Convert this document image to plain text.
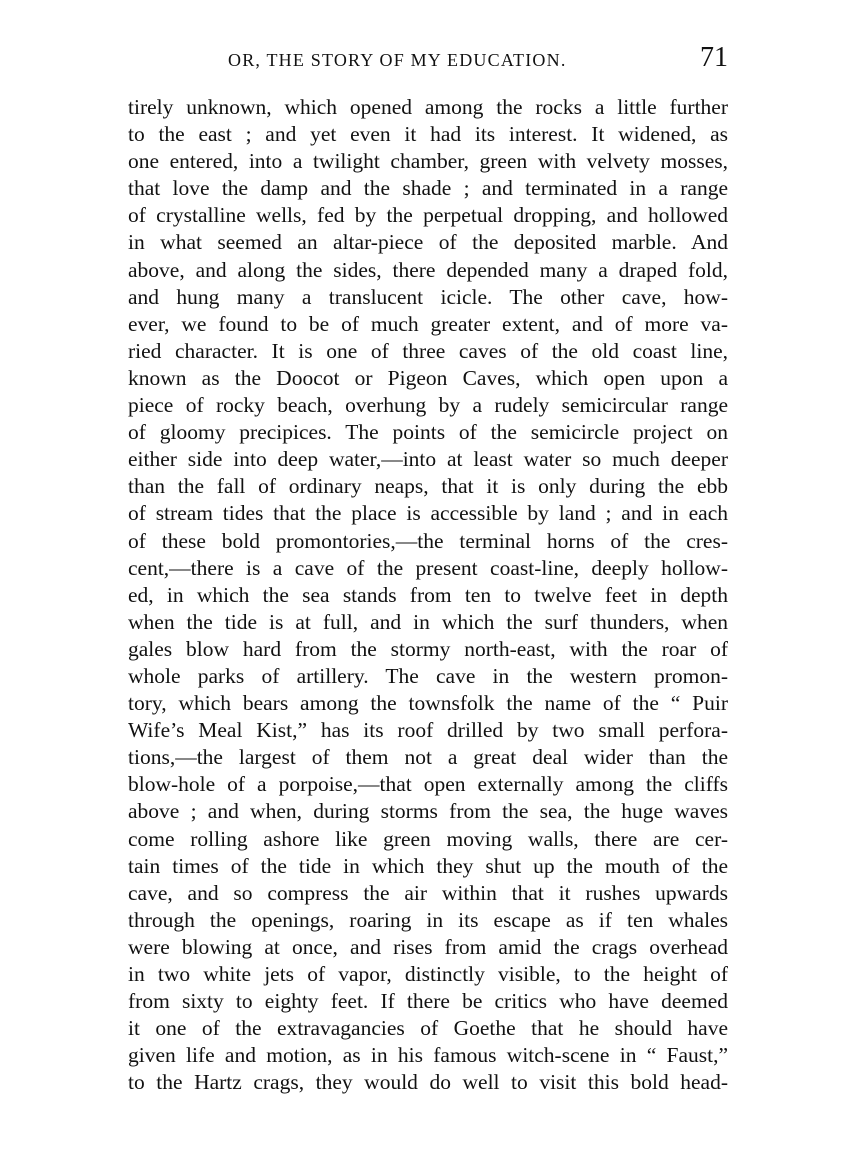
OR, THE STORY OF MY EDUCATION.	71
tirely unknown, which opened among the rocks a little further
to the east ; and yet even it had its interest. It widened, as
one entered, into a twilight chamber, green with velvety mosses,
that love the damp and the shade ; and terminated in a range
of crystalline wells, fed by the perpetual dropping, and hollowed
in what seemed an altar-piece of the deposited marble. And
above, and along the sides, there depended many a draped fold,
and hung many a translucent icicle. The other cave, how-
ever, we found to be of much greater extent, and of more va-
ried character. It is one of three caves of the old coast line,
known as the Doocot or Pigeon Caves, which open upon a
piece of rocky beach, overhung by a rudely semicircular range
of gloomy precipices. The points of the semicircle project on
either side into deep water,—into at least water so much deeper
than the fall of ordinary neaps, that it is only during the ebb
of stream tides that the place is accessible by land ; and in each
of these bold promontories,—the terminal horns of the cres-
cent,—there is a cave of the present coast-line, deeply hollow-
ed, in which the sea stands from ten to twelve feet in depth
when the tide is at full, and in which the surf thunders, when
gales blow hard from the stormy north-east, with the roar of
whole parks of artillery. The cave in the western promon-
tory, which bears among the townsfolk the name of the “ Puir
Wife’s Meal Kist,” has its roof drilled by two small perfora-
tions,—the largest of them not a great deal wider than the
blow-hole of a porpoise,—that open externally among the cliffs
above ; and when, during storms from the sea, the huge waves
come rolling ashore like green moving walls, there are cer-
tain times of the tide in which they shut up the mouth of the
cave, and so compress the air within that it rushes upwards
through the openings, roaring in its escape as if ten whales
were blowing at once, and rises from amid the crags overhead
in two white jets of vapor, distinctly visible, to the height of
from sixty to eighty feet. If there be critics who have deemed
it one of the extravagancies of Goethe that he should have
given life and motion, as in his famous witch-scene in “ Faust,”
to the Hartz crags, they would do well to visit this bold head-
